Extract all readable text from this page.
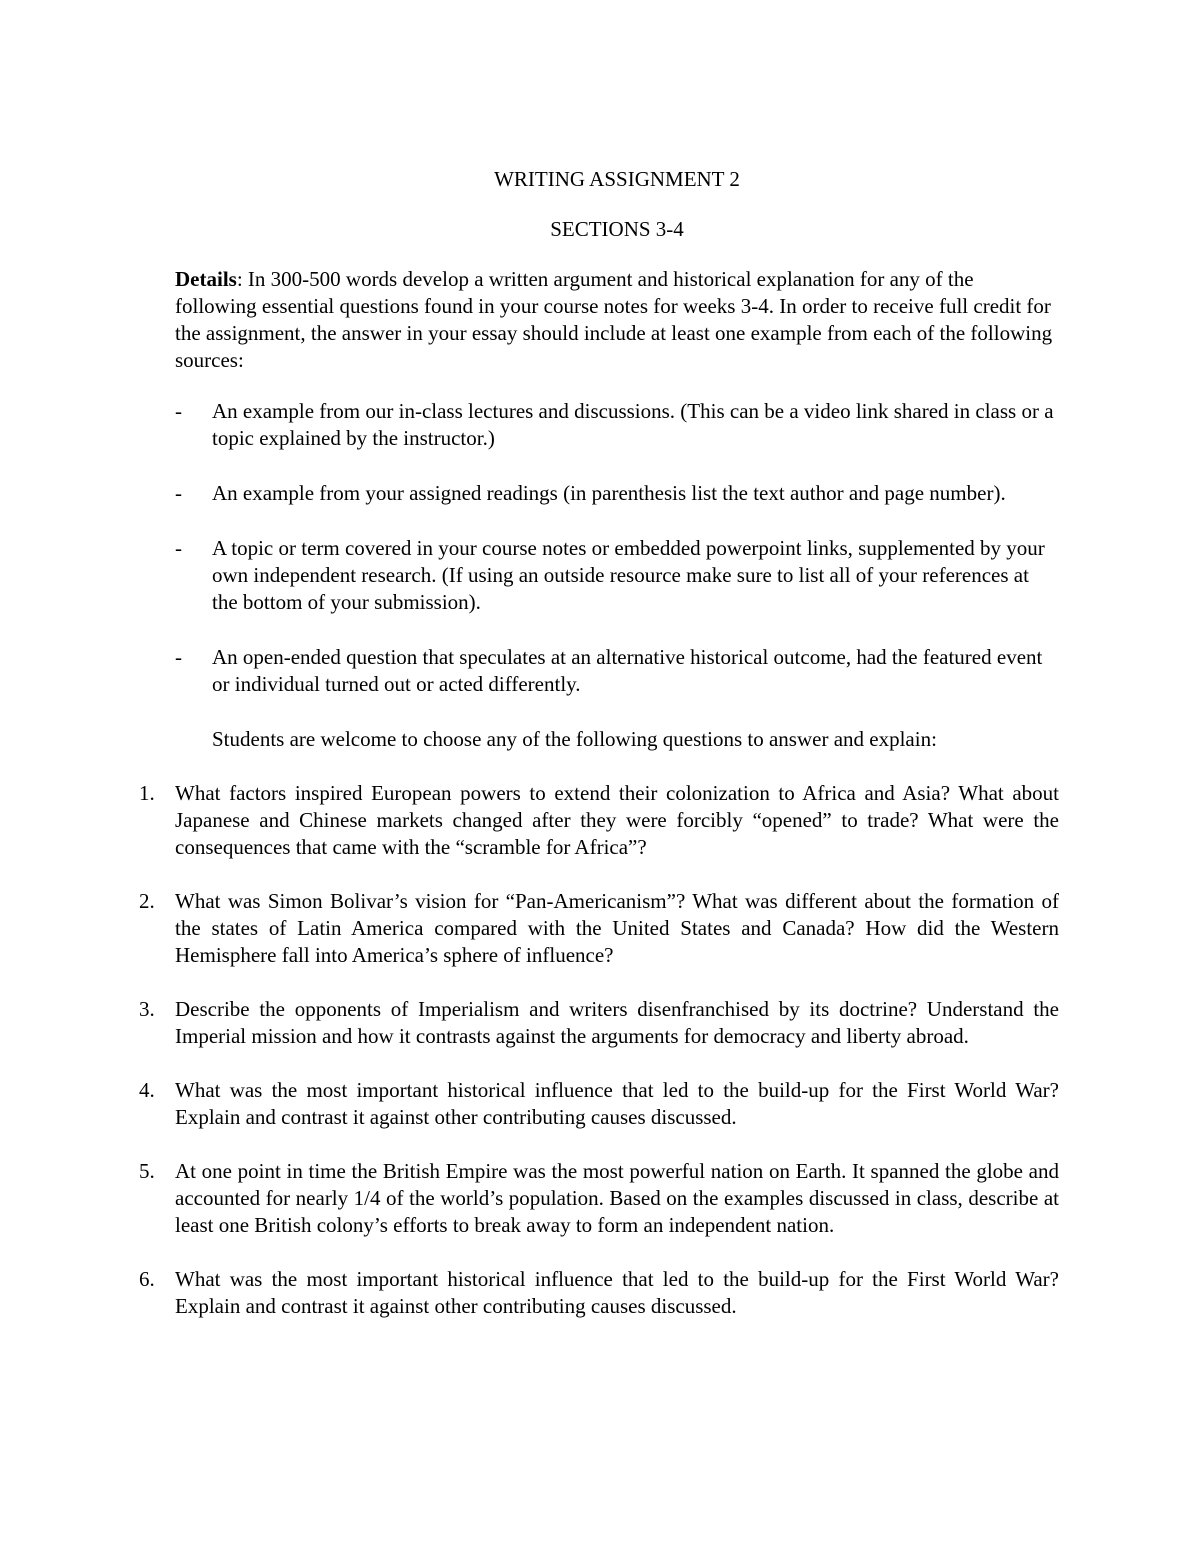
WRITING ASSIGNMENT 2

SECTIONS 3-4

Details: In 300-500 words develop a written argument and historical explanation for any of the following essential questions found in your course notes for weeks 3-4. In order to receive full credit for the assignment, the answer in your essay should include at least one example from each of the following sources:

- An example from our in-class lectures and discussions. (This can be a video link shared in class or a topic explained by the instructor.)
- An example from your assigned readings (in parenthesis list the text author and page number).
- A topic or term covered in your course notes or embedded powerpoint links, supplemented by your own independent research. (If using an outside resource make sure to list all of your references at the bottom of your submission).
- An open-ended question that speculates at an alternative historical outcome, had the featured event or individual turned out or acted differently.

Students are welcome to choose any of the following questions to answer and explain:

1. What factors inspired European powers to extend their colonization to Africa and Asia? What about Japanese and Chinese markets changed after they were forcibly “opened” to trade? What were the consequences that came with the “scramble for Africa”?
2. What was Simon Bolivar’s vision for “Pan-Americanism”? What was different about the formation of the states of Latin America compared with the United States and Canada? How did the Western Hemisphere fall into America’s sphere of influence?
3. Describe the opponents of Imperialism and writers disenfranchised by its doctrine? Understand the Imperial mission and how it contrasts against the arguments for democracy and liberty abroad.
4. What was the most important historical influence that led to the build-up for the First World War? Explain and contrast it against other contributing causes discussed.
5. At one point in time the British Empire was the most powerful nation on Earth. It spanned the globe and accounted for nearly 1/4 of the world’s population. Based on the examples discussed in class, describe at least one British colony’s efforts to break away to form an independent nation.
6. What was the most important historical influence that led to the build-up for the First World War? Explain and contrast it against other contributing causes discussed.
